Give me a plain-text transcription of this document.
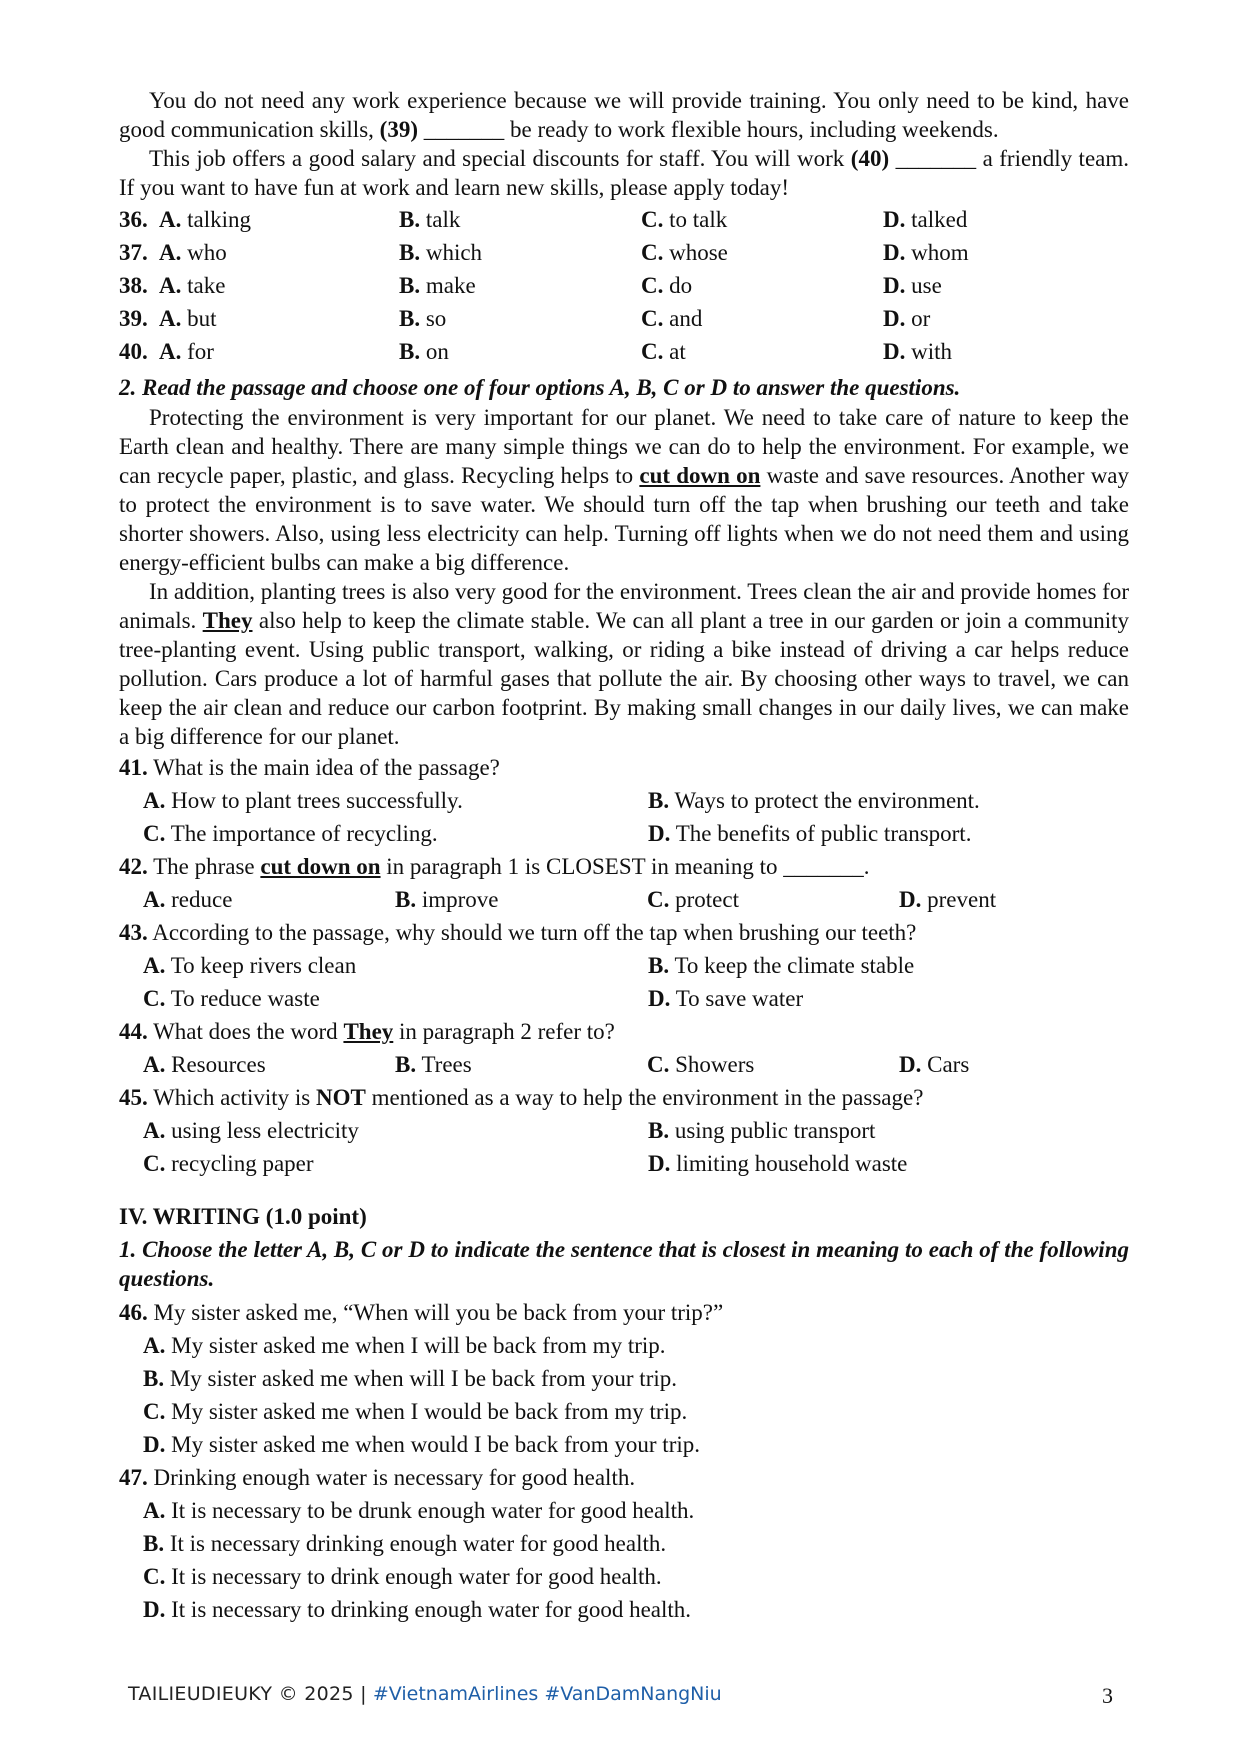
You do not need any work experience because we will provide training. You only need to be kind, have good communication skills, (39) _______ be ready to work flexible hours, including weekends.

This job offers a good salary and special discounts for staff. You will work (40) _______ a friendly team. If you want to have fun at work and learn new skills, please apply today!

36. A. talking	B. talk	C. to talk	D. talked
37. A. who	B. which	C. whose	D. whom
38. A. take	B. make	C. do	D. use
39. A. but	B. so	C. and	D. or
40. A. for	B. on	C. at	D. with

2. Read the passage and choose one of four options A, B, C or D to answer the questions.

Protecting the environment is very important for our planet. We need to take care of nature to keep the Earth clean and healthy. There are many simple things we can do to help the environment. For example, we can recycle paper, plastic, and glass. Recycling helps to cut down on waste and save resources. Another way to protect the environment is to save water. We should turn off the tap when brushing our teeth and take shorter showers. Also, using less electricity can help. Turning off lights when we do not need them and using energy-efficient bulbs can make a big difference.

In addition, planting trees is also very good for the environment. Trees clean the air and provide homes for animals. They also help to keep the climate stable. We can all plant a tree in our garden or join a community tree-planting event. Using public transport, walking, or riding a bike instead of driving a car helps reduce pollution. Cars produce a lot of harmful gases that pollute the air. By choosing other ways to travel, we can keep the air clean and reduce our carbon footprint. By making small changes in our daily lives, we can make a big difference for our planet.

41. What is the main idea of the passage?

A. How to plant trees successfully.	B. Ways to protect the environment.
C. The importance of recycling.	D. The benefits of public transport.

42. The phrase cut down on in paragraph 1 is CLOSEST in meaning to _______.

A. reduce	B. improve	C. protect	D. prevent

43. According to the passage, why should we turn off the tap when brushing our teeth?

A. To keep rivers clean	B. To keep the climate stable
C. To reduce waste	D. To save water

44. What does the word They in paragraph 2 refer to?

A. Resources	B. Trees	C. Showers	D. Cars

45. Which activity is NOT mentioned as a way to help the environment in the passage?

A. using less electricity	B. using public transport
C. recycling paper	D. limiting household waste

IV. WRITING (1.0 point)

1. Choose the letter A, B, C or D to indicate the sentence that is closest in meaning to each of the following questions.

46. My sister asked me, “When will you be back from your trip?”

A. My sister asked me when I will be back from my trip.
B. My sister asked me when will I be back from your trip.
C. My sister asked me when I would be back from my trip.
D. My sister asked me when would I be back from your trip.

47. Drinking enough water is necessary for good health.

A. It is necessary to be drunk enough water for good health.
B. It is necessary drinking enough water for good health.
C. It is necessary to drink enough water for good health.
D. It is necessary to drinking enough water for good health.
TAILIEUDIEUKY © 2025 | #VietnamAirlines #VanDamNangNiu	3
